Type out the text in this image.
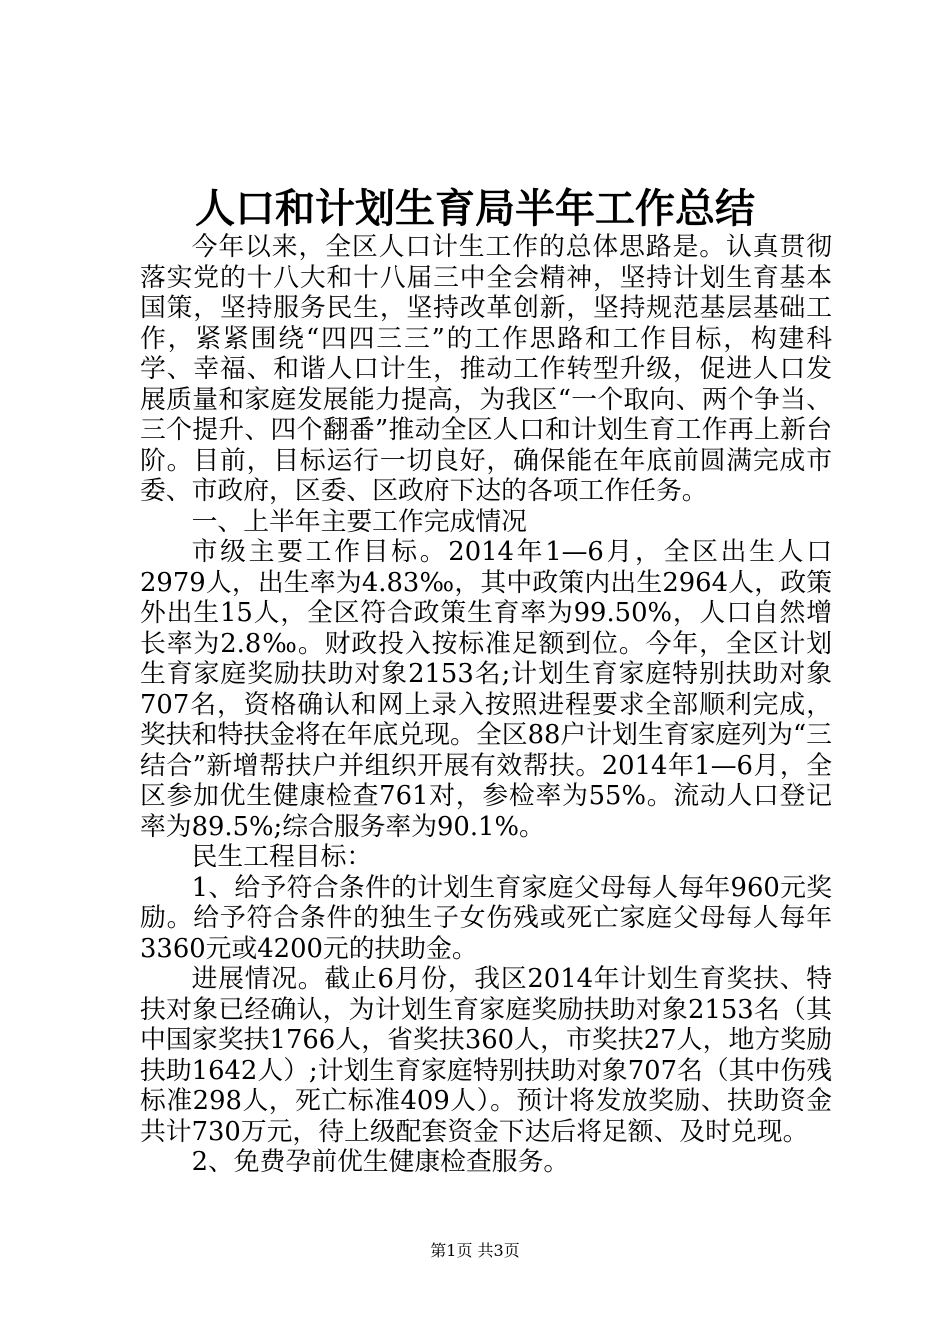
人口和计划生育局半年工作总结

今年以来，全区人口计生工作的总体思路是。认真贯彻落实党的十八大和十八届三中全会精神，坚持计划生育基本国策，坚持服务民生，坚持改革创新，坚持规范基层基础工作，紧紧围绕“四四三三”的工作思路和工作目标，构建科学、幸福、和谐人口计生，推动工作转型升级，促进人口发展质量和家庭发展能力提高，为我区“一个取向、两个争当、三个提升、四个翻番”推动全区人口和计划生育工作再上新台阶。目前，目标运行一切良好，确保能在年底前圆满完成市委、市政府，区委、区政府下达的各项工作任务。

一、上半年主要工作完成情况

市级主要工作目标。2014年1—6月，全区出生人口2979人，出生率为4.83‰，其中政策内出生2964人，政策外出生15人，全区符合政策生育率为99.50%，人口自然增长率为2.8‰。财政投入按标准足额到位。今年，全区计划生育家庭奖励扶助对象2153名;计划生育家庭特别扶助对象707名，资格确认和网上录入按照进程要求全部顺利完成，奖扶和特扶金将在年底兑现。全区88户计划生育家庭列为“三结合”新增帮扶户并组织开展有效帮扶。2014年1—6月，全区参加优生健康检查761对，参检率为55%。流动人口登记率为89.5%;综合服务率为90.1%。

民生工程目标：

1、给予符合条件的计划生育家庭父母每人每年960元奖励。给予符合条件的独生子女伤残或死亡家庭父母每人每年3360元或4200元的扶助金。

进展情况。截止6月份，我区2014年计划生育奖扶、特扶对象已经确认，为计划生育家庭奖励扶助对象2153名（其中国家奖扶1766人，省奖扶360人，市奖扶27人，地方奖励扶助1642人）;计划生育家庭特别扶助对象707名（其中伤残标准298人，死亡标准409人）。预计将发放奖励、扶助资金共计730万元，待上级配套资金下达后将足额、及时兑现。

2、免费孕前优生健康检查服务。

第1页 共3页
